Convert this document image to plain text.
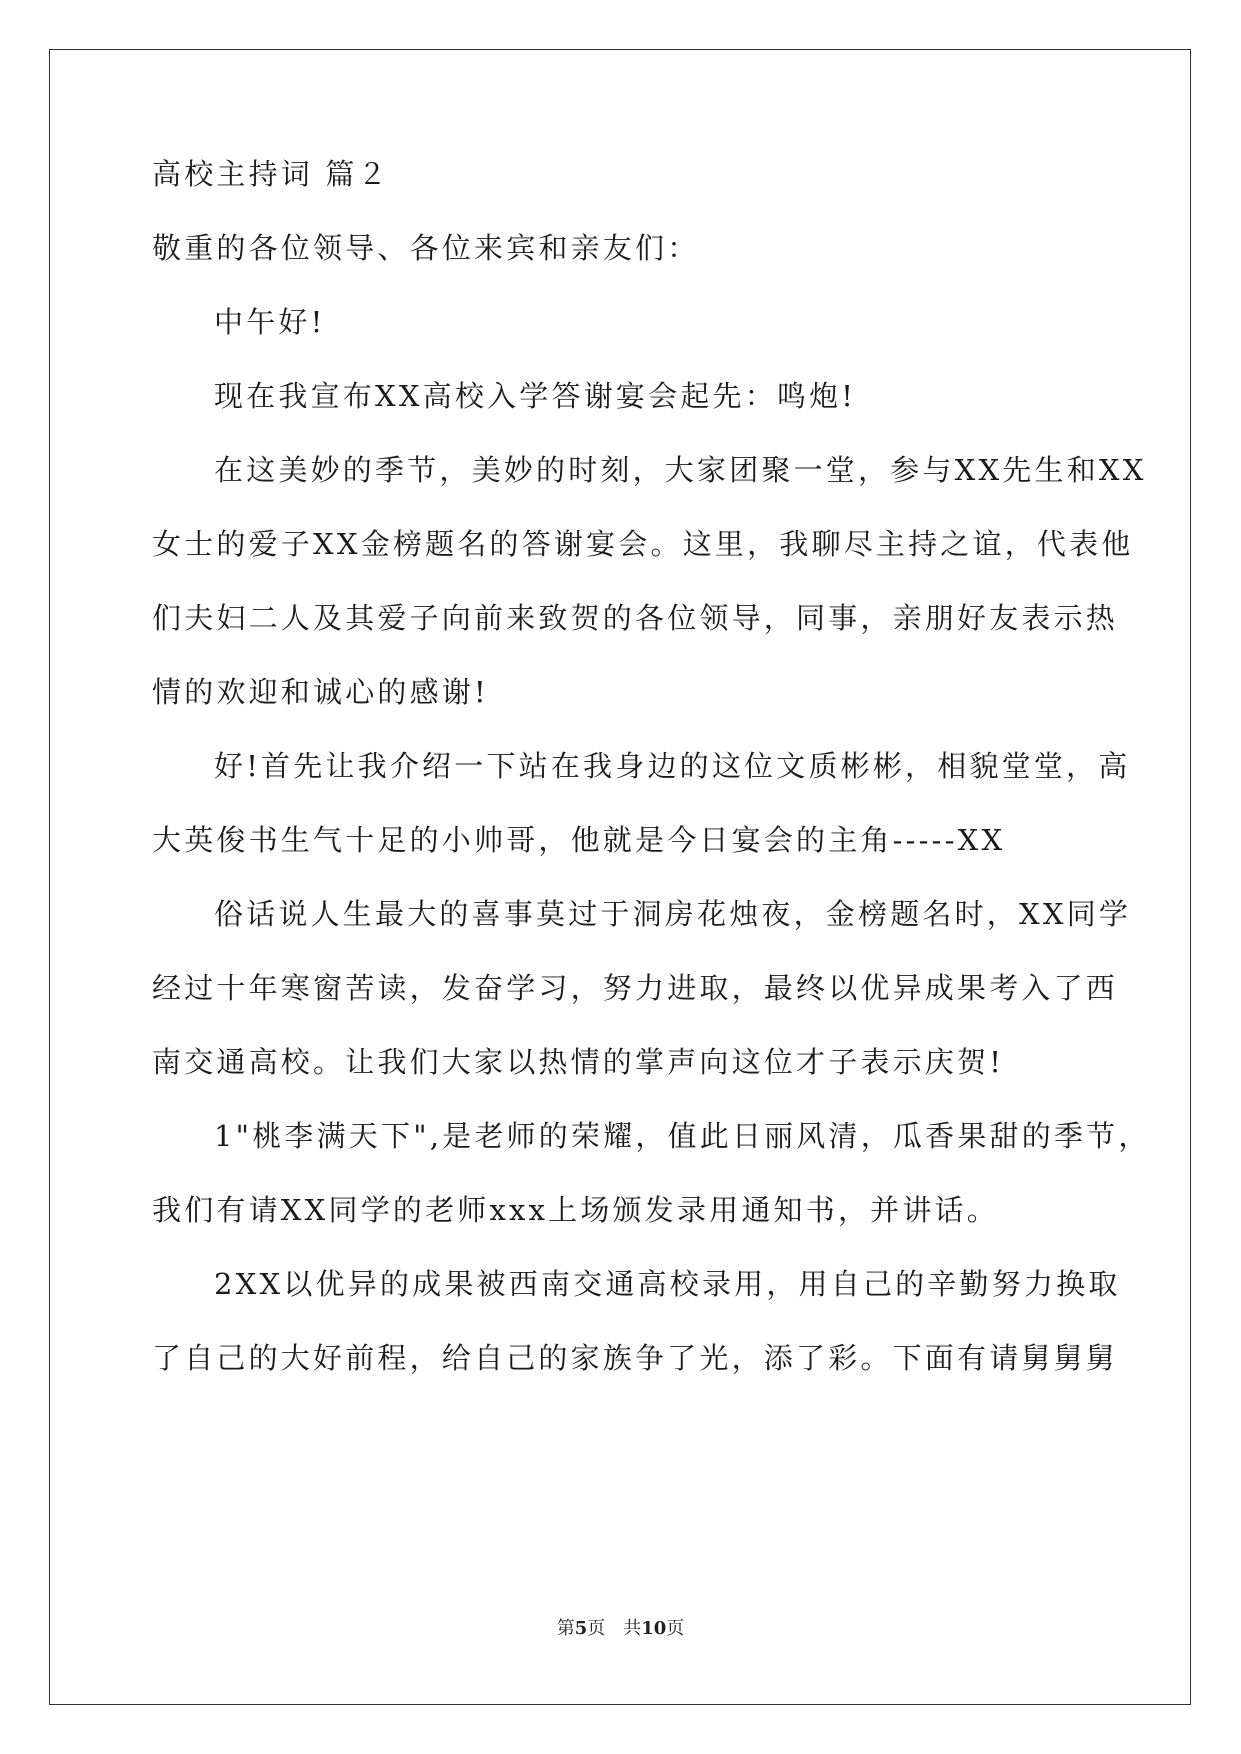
高校主持词 篇２
敬重的各位领导、各位来宾和亲友们：
中午好!
现在我宣布XX高校入学答谢宴会起先：鸣炮!
在这美妙的季节，美妙的时刻，大家团聚一堂，参与XX先生和XX
女士的爱子XX金榜题名的答谢宴会。这里，我聊尽主持之谊，代表他
们夫妇二人及其爱子向前来致贺的各位领导，同事，亲朋好友表示热
情的欢迎和诚心的感谢!
好!首先让我介绍一下站在我身边的这位文质彬彬，相貌堂堂，高
大英俊书生气十足的小帅哥，他就是今日宴会的主角-----XX
俗话说人生最大的喜事莫过于洞房花烛夜，金榜题名时，XX同学
经过十年寒窗苦读，发奋学习，努力进取，最终以优异成果考入了西
南交通高校。让我们大家以热情的掌声向这位才子表示庆贺!
1"桃李满天下",是老师的荣耀，值此日丽风清，瓜香果甜的季节，
我们有请XX同学的老师xxx上场颁发录用通知书，并讲话。
2XX以优异的成果被西南交通高校录用，用自己的辛勤努力换取
了自己的大好前程，给自己的家族争了光，添了彩。下面有请舅舅舅
第5页　共10页
